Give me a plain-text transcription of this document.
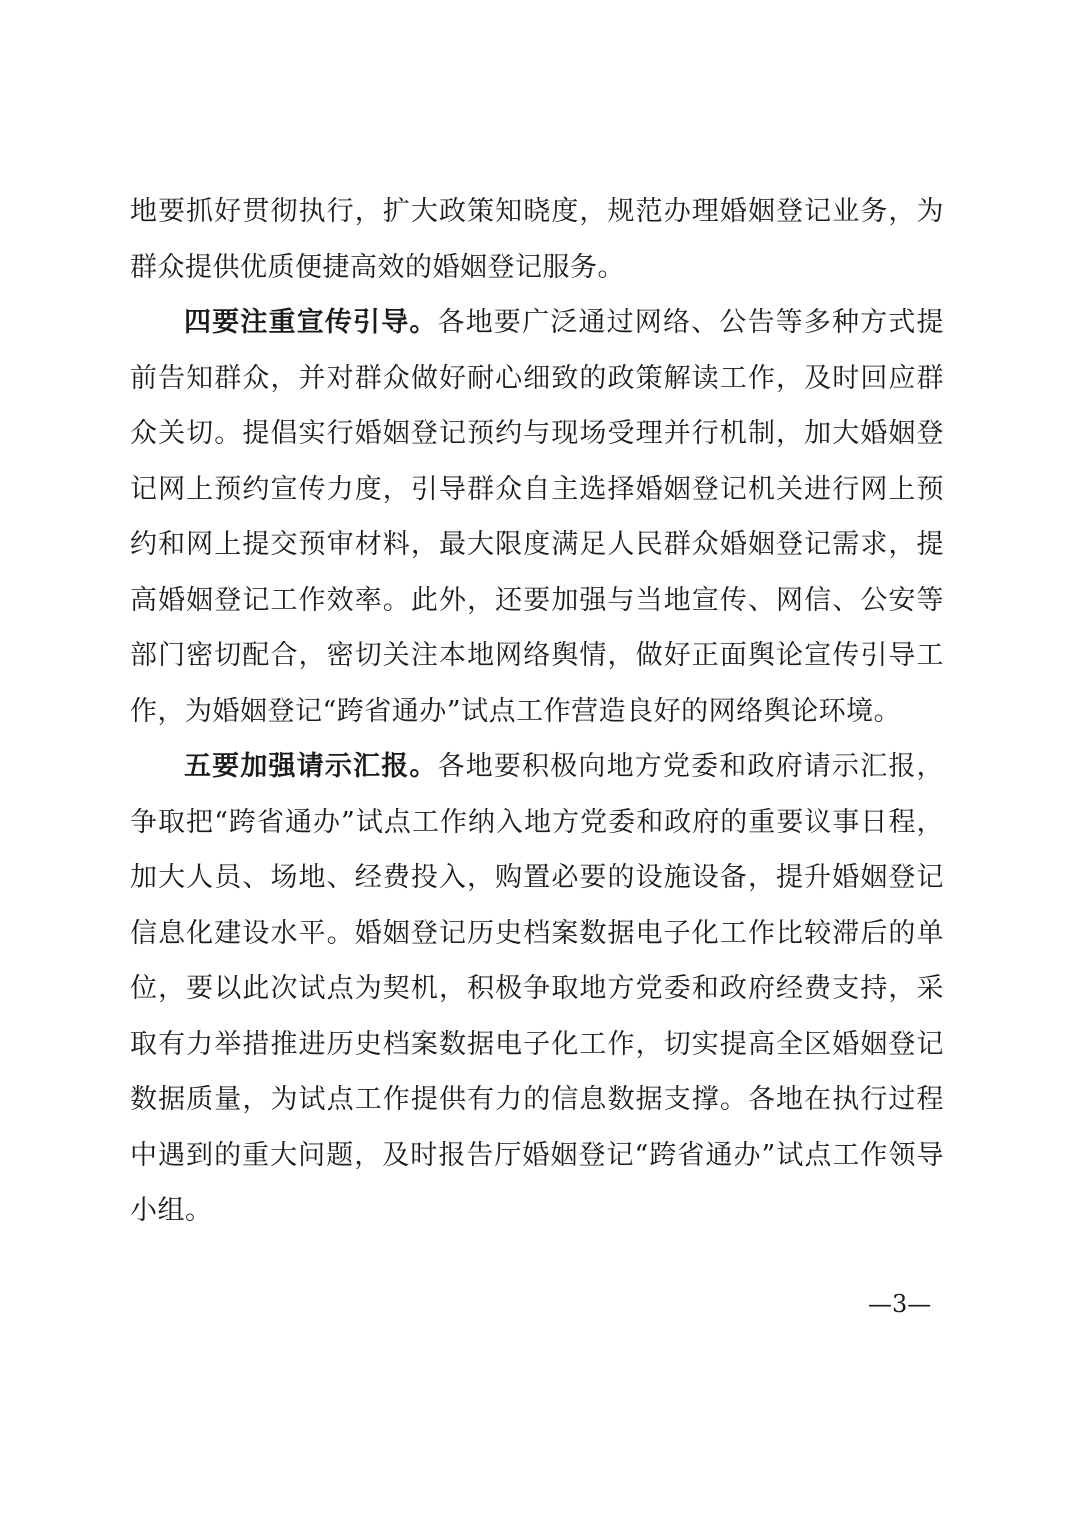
地要抓好贯彻执行，扩大政策知晓度，规范办理婚姻登记业务，为群众提供优质便捷高效的婚姻登记服务。

四要注重宣传引导。各地要广泛通过网络、公告等多种方式提前告知群众，并对群众做好耐心细致的政策解读工作，及时回应群众关切。提倡实行婚姻登记预约与现场受理并行机制，加大婚姻登记网上预约宣传力度，引导群众自主选择婚姻登记机关进行网上预约和网上提交预审材料，最大限度满足人民群众婚姻登记需求，提高婚姻登记工作效率。此外，还要加强与当地宣传、网信、公安等部门密切配合，密切关注本地网络舆情，做好正面舆论宣传引导工作，为婚姻登记“跨省通办”试点工作营造良好的网络舆论环境。

五要加强请示汇报。各地要积极向地方党委和政府请示汇报，争取把“跨省通办”试点工作纳入地方党委和政府的重要议事日程，加大人员、场地、经费投入，购置必要的设施设备，提升婚姻登记信息化建设水平。婚姻登记历史档案数据电子化工作比较滞后的单位，要以此次试点为契机，积极争取地方党委和政府经费支持，采取有力举措推进历史档案数据电子化工作，切实提高全区婚姻登记数据质量，为试点工作提供有力的信息数据支撑。各地在执行过程中遇到的重大问题，及时报告厅婚姻登记“跨省通办”试点工作领导小组。

—3—
